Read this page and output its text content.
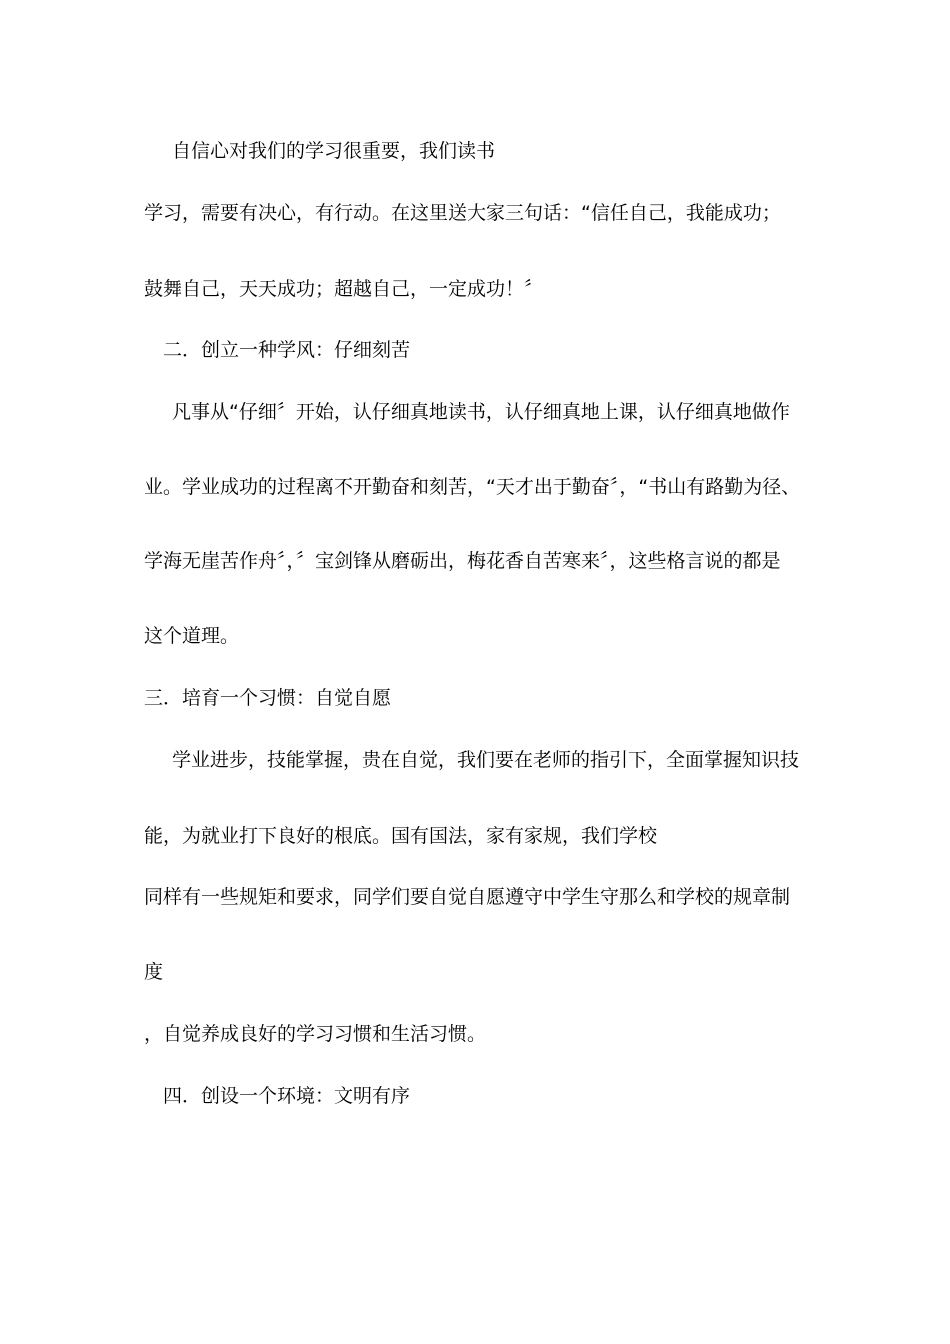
自信心对我们的学习很重要，我们读书
学习，需要有决心，有行动。在这里送大家三句话：“信任自己，我能成功；
鼓舞自己，天天成功；超越自己，一定成功！〞
二．创立一种学风：仔细刻苦
凡事从“仔细〞开始，认仔细真地读书，认仔细真地上课，认仔细真地做作
业。学业成功的过程离不开勤奋和刻苦，“天才出于勤奋〞，“书山有路勤为径、
学海无崖苦作舟〞，〞宝剑锋从磨砺出，梅花香自苦寒来〞，这些格言说的都是
这个道理。
三．培育一个习惯：自觉自愿
学业进步，技能掌握，贵在自觉，我们要在老师的指引下，全面掌握知识技
能，为就业打下良好的根底。国有国法，家有家规，我们学校
同样有一些规矩和要求，同学们要自觉自愿遵守中学生守那么和学校的规章制
度
，自觉养成良好的学习习惯和生活习惯。
四．创设一个环境：文明有序
